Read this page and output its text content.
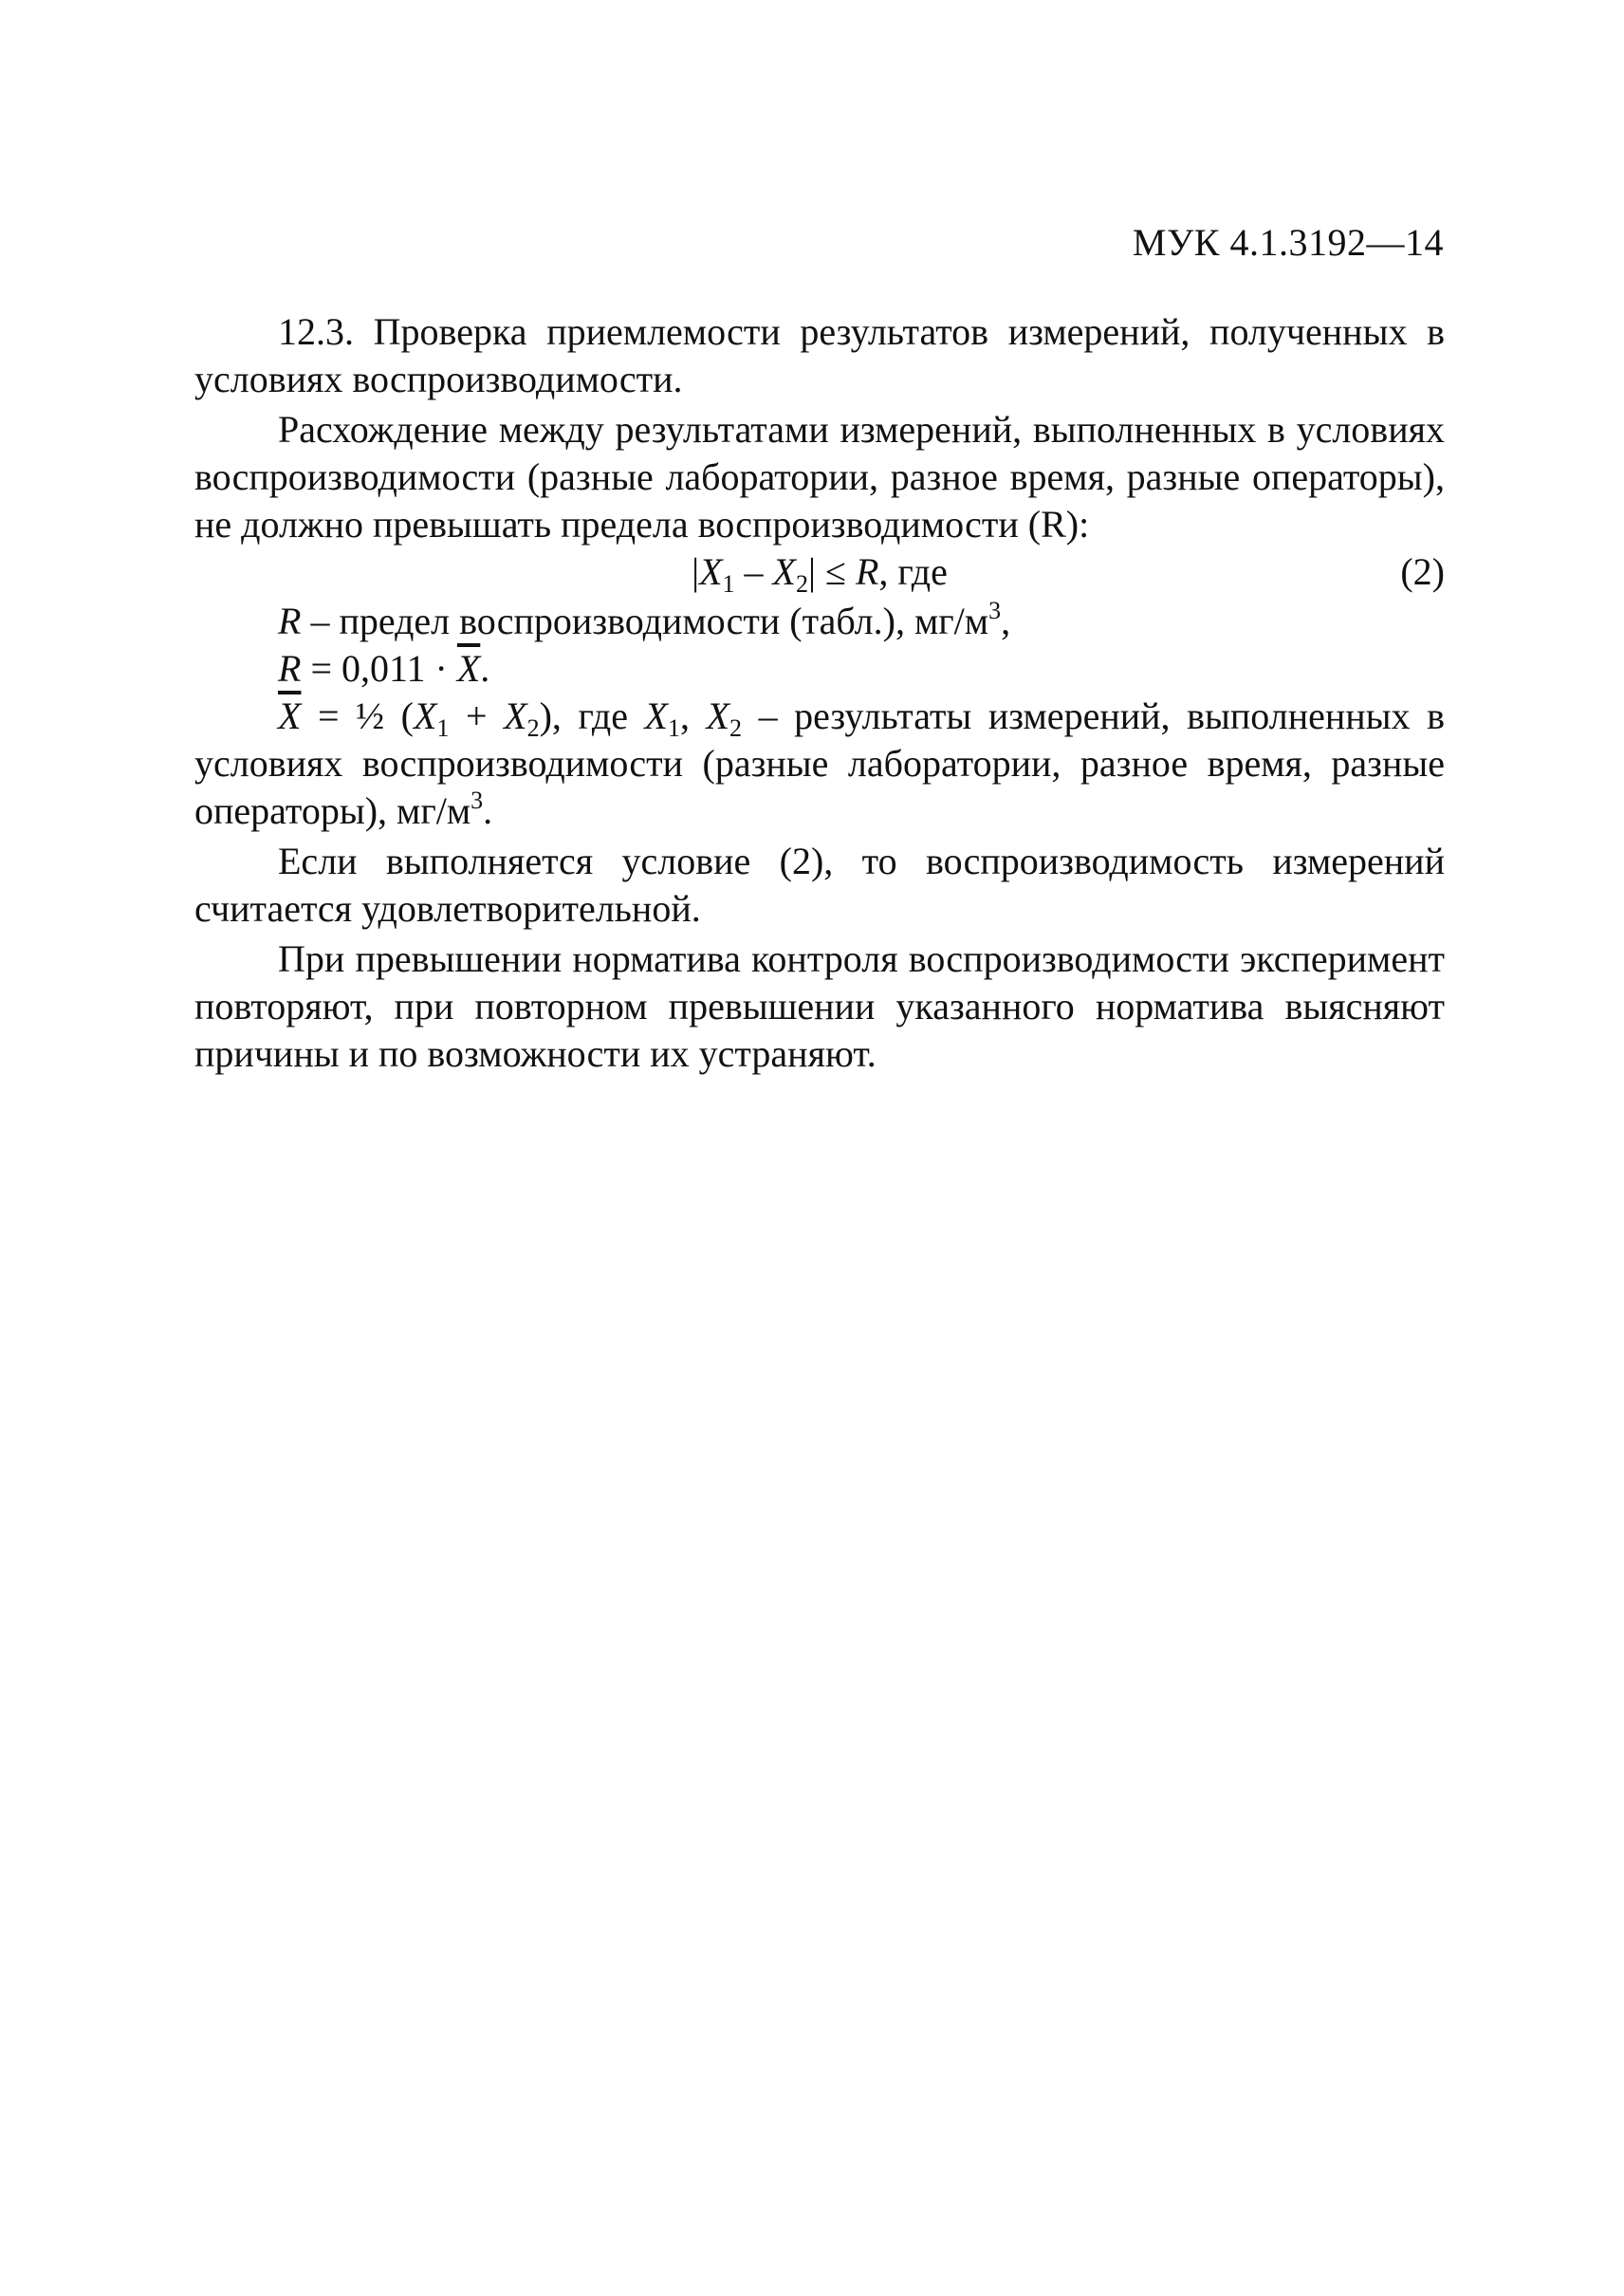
МУК 4.1.3192—14

12.3. Проверка приемлемости результатов измерений, полученных в условиях воспроизводимости.

Расхождение между результатами измерений, выполненных в условиях воспроизводимости (разные лаборатории, разное время, разные операторы), не должно превышать предела воспроизводимости (R):

$|X_1 - X_2| \le R$, где	(2)

R – предел воспроизводимости (табл.), $мг/м^3$,

$R = 0,011 \cdot \overline{X}$.

$\overline{X}$ = ½ $(X_1 + X_2)$, где $X_1$, $X_2$ – результаты измерений, выполненных в условиях воспроизводимости (разные лаборатории, разное время, разные операторы), $мг/м^3$.

Если выполняется условие (2), то воспроизводимость измерений считается удовлетворительной.

При превышении норматива контроля воспроизводимости эксперимент повторяют, при повторном превышении указанного норматива выясняют причины и по возможности их устраняют.
